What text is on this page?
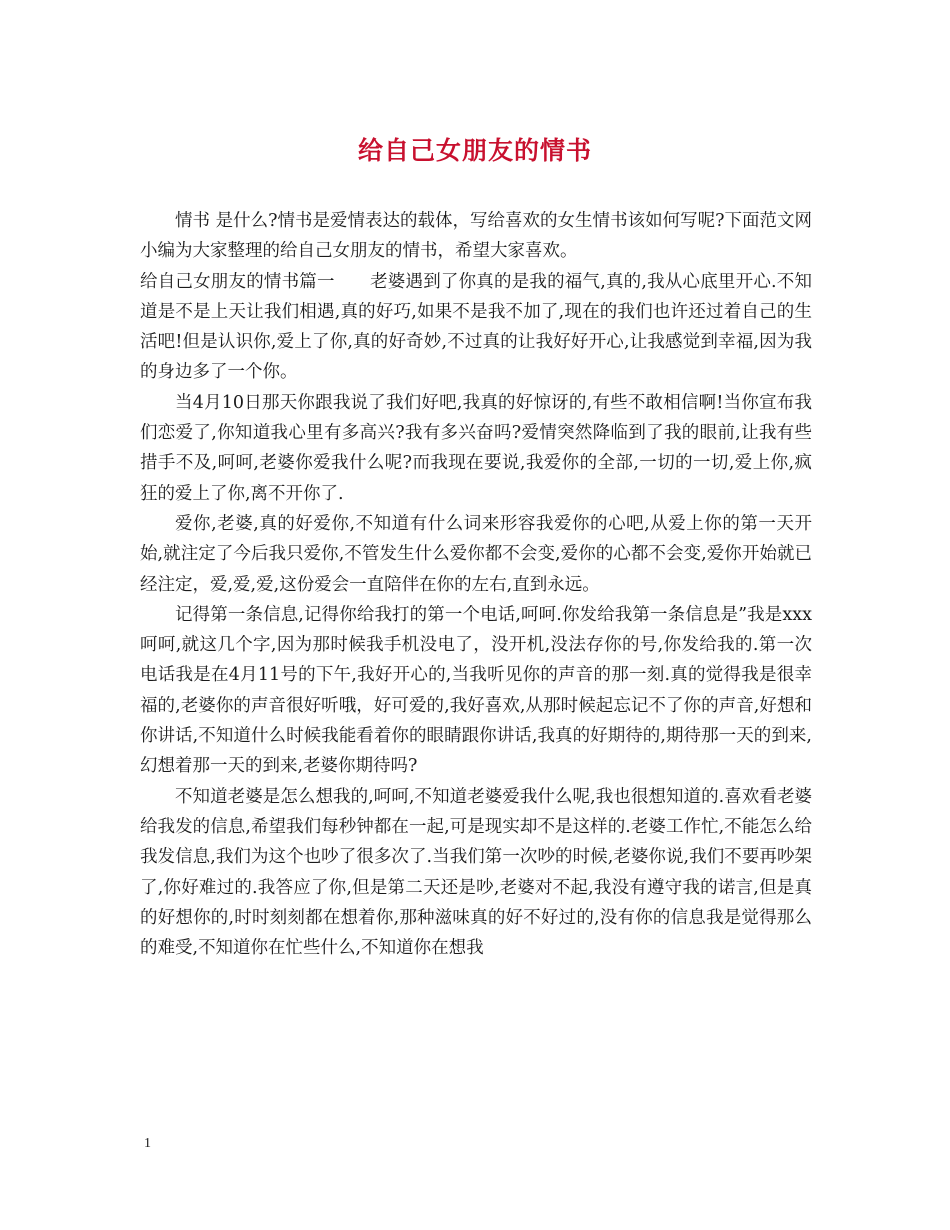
给自己女朋友的情书

情书 是什么?情书是爱情表达的载体，写给喜欢的女生情书该如何写呢?下面范文网小编为大家整理的给自己女朋友的情书，希望大家喜欢。

给自己女朋友的情书篇一　　老婆遇到了你真的是我的福气,真的,我从心底里开心.不知道是不是上天让我们相遇,真的好巧,如果不是我不加了,现在的我们也许还过着自己的生活吧!但是认识你,爱上了你,真的好奇妙,不过真的让我好好开心,让我感觉到幸福,因为我的身边多了一个你。

当4月10日那天你跟我说了我们好吧,我真的好惊讶的,有些不敢相信啊!当你宣布我们恋爱了,你知道我心里有多高兴?我有多兴奋吗?爱情突然降临到了我的眼前,让我有些措手不及,呵呵,老婆你爱我什么呢?而我现在要说,我爱你的全部,一切的一切,爱上你,疯狂的爱上了你,离不开你了.

爱你,老婆,真的好爱你,不知道有什么词来形容我爱你的心吧,从爱上你的第一天开始,就注定了今后我只爱你,不管发生什么爱你都不会变,爱你的心都不会变,爱你开始就已经注定，爱,爱,爱,这份爱会一直陪伴在你的左右,直到永远。

记得第一条信息,记得你给我打的第一个电话,呵呵.你发给我第一条信息是”我是xxx呵呵,就这几个字,因为那时候我手机没电了，没开机,没法存你的号,你发给我的.第一次电话我是在4月11号的下午,我好开心的,当我听见你的声音的那一刻.真的觉得我是很幸福的,老婆你的声音很好听哦，好可爱的,我好喜欢,从那时候起忘记不了你的声音,好想和你讲话,不知道什么时候我能看着你的眼睛跟你讲话,我真的好期待的,期待那一天的到来,幻想着那一天的到来,老婆你期待吗?

不知道老婆是怎么想我的,呵呵,不知道老婆爱我什么呢,我也很想知道的.喜欢看老婆给我发的信息,希望我们每秒钟都在一起,可是现实却不是这样的.老婆工作忙,不能怎么给我发信息,我们为这个也吵了很多次了.当我们第一次吵的时候,老婆你说,我们不要再吵架了,你好难过的.我答应了你,但是第二天还是吵,老婆对不起,我没有遵守我的诺言,但是真的好想你的,时时刻刻都在想着你,那种滋味真的好不好过的,没有你的信息我是觉得那么的难受,不知道你在忙些什么,不知道你在想我

1
